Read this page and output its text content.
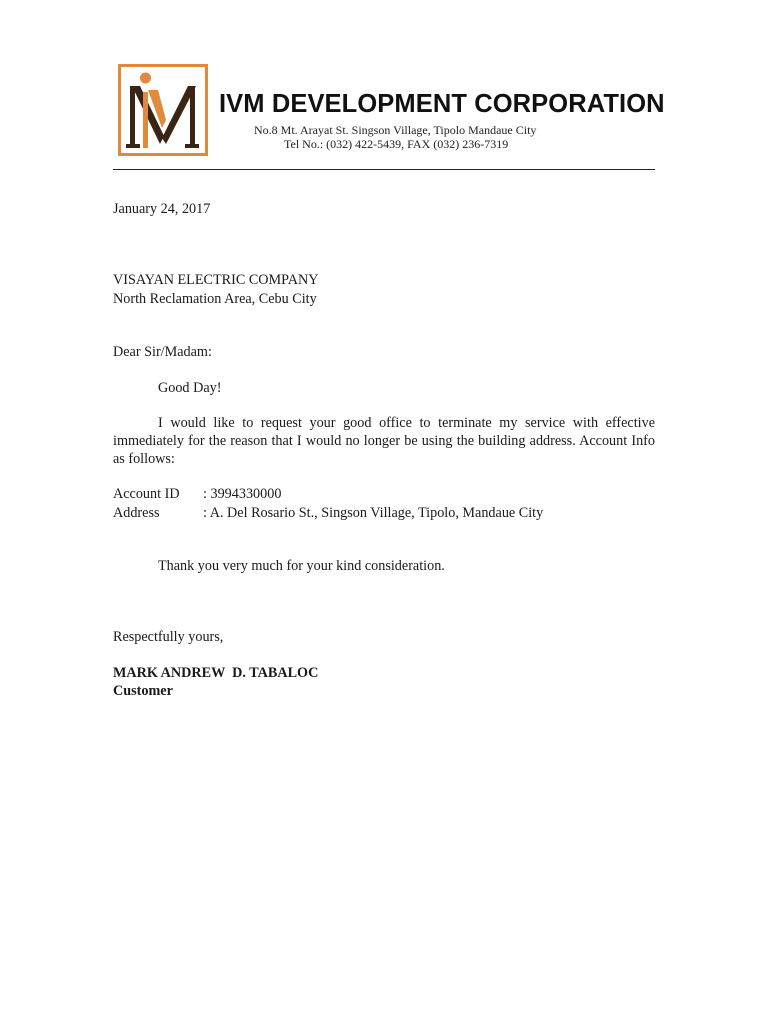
IVM DEVELOPMENT CORPORATION
No.8 Mt. Arayat St. Singson Village, Tipolo Mandaue City
Tel No.: (032) 422-5439, FAX (032) 236-7319
January 24, 2017
VISAYAN ELECTRIC COMPANY
North Reclamation Area, Cebu City
Dear Sir/Madam:
Good Day!
I would like to request your good office to terminate my service with effective immediately for the reason that I would no longer be using the building address. Account Info as follows:
Account ID : 3994330000
Address	: A. Del Rosario St., Singson Village, Tipolo, Mandaue City
Thank you very much for your kind consideration.
Respectfully yours,
MARK ANDREW  D. TABALOC
Customer
